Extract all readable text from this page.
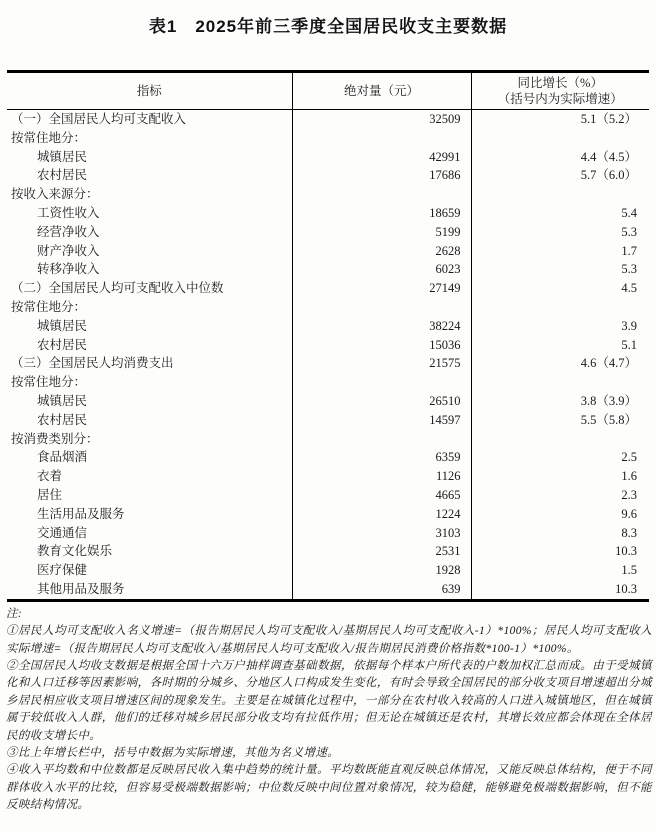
表1　2025年前三季度全国居民收支主要数据
指标	绝对量（元）	同比增长（%）
（括号内为实际增速）

（一）全国居民人均可支配收入	32509	5.1（5.2）
按常住地分：		
城镇居民	42991	4.4（4.5）
农村居民	17686	5.7（6.0）
按收入来源分：		
工资性收入	18659	5.4
经营净收入	5199	5.3
财产净收入	2628	1.7
转移净收入	6023	5.3
（二）全国居民人均可支配收入中位数	27149	4.5
按常住地分：		
城镇居民	38224	3.9
农村居民	15036	5.1
（三）全国居民人均消费支出	21575	4.6（4.7）
按常住地分：		
城镇居民	26510	3.8（3.9）
农村居民	14597	5.5（5.8）
按消费类别分：		
食品烟酒	6359	2.5
衣着	1126	1.6
居住	4665	2.3
生活用品及服务	1224	9.6
交通通信	3103	8.3
教育文化娱乐	2531	10.3
医疗保健	1928	1.5
其他用品及服务	639	10.3

注:

①居民人均可支配收入名义增速=（报告期居民人均可支配收入/基期居民人均可支配收入-1）*100%；居民人均可支配收入实际增速=（报告期居民人均可支配收入/基期居民人均可支配收入/报告期居民消费价格指数*100-1）*100%。

②全国居民人均收支数据是根据全国十六万户抽样调查基础数据，依据每个样本户所代表的户数加权汇总而成。由于受城镇化和人口迁移等因素影响，各时期的分城乡、分地区人口构成发生变化，有时会导致全国居民的部分收支项目增速超出分城乡居民相应收支项目增速区间的现象发生。主要是在城镇化过程中，一部分在农村收入较高的人口进入城镇地区，但在城镇属于较低收入人群，他们的迁移对城乡居民部分收支均有拉低作用；但无论在城镇还是农村，其增长效应都会体现在全体居民的收支增长中。

③比上年增长栏中，括号中数据为实际增速，其他为名义增速。

④收入平均数和中位数都是反映居民收入集中趋势的统计量。平均数既能直观反映总体情况，又能反映总体结构，便于不同群体收入水平的比较，但容易受极端数据影响；中位数反映中间位置对象情况，较为稳健，能够避免极端数据影响，但不能反映结构情况。
